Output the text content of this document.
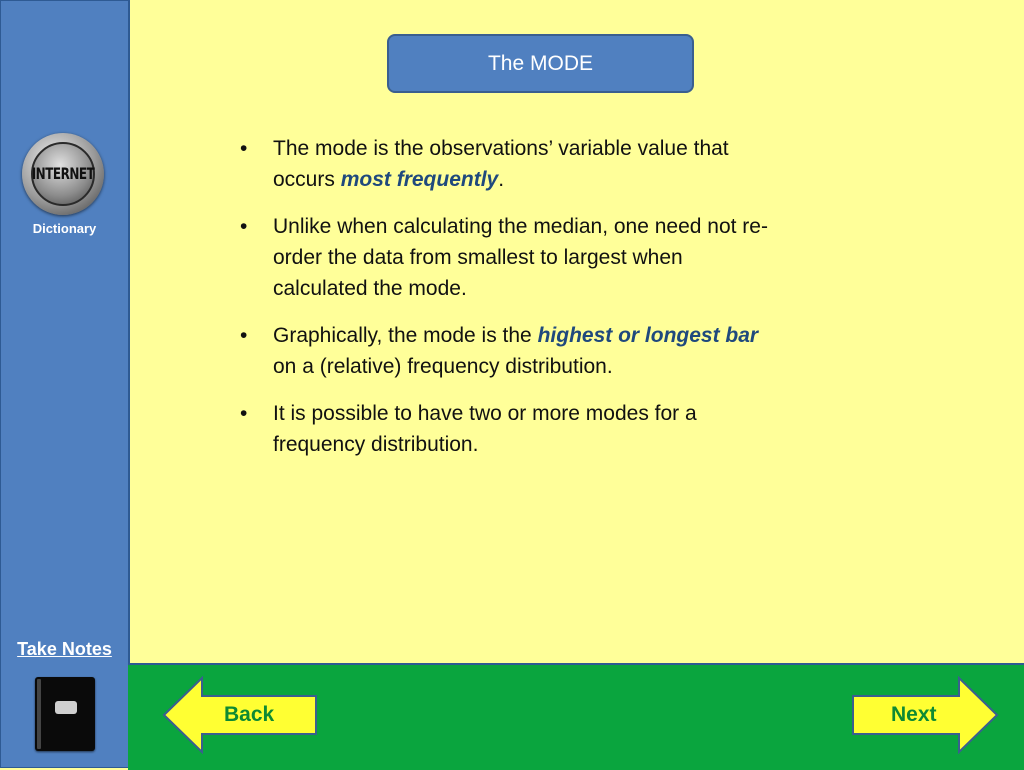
INTERNET
Dictionary
Take Notes
The MODE
• The mode is the observations’ variable value that occurs most frequently.
• Unlike when calculating the median, one need not re-order the data from smallest to largest when calculated the mode.
• Graphically, the mode is the highest or longest bar on a (relative) frequency distribution.
• It is possible to have two or more modes for a frequency distribution.
Back	Next
